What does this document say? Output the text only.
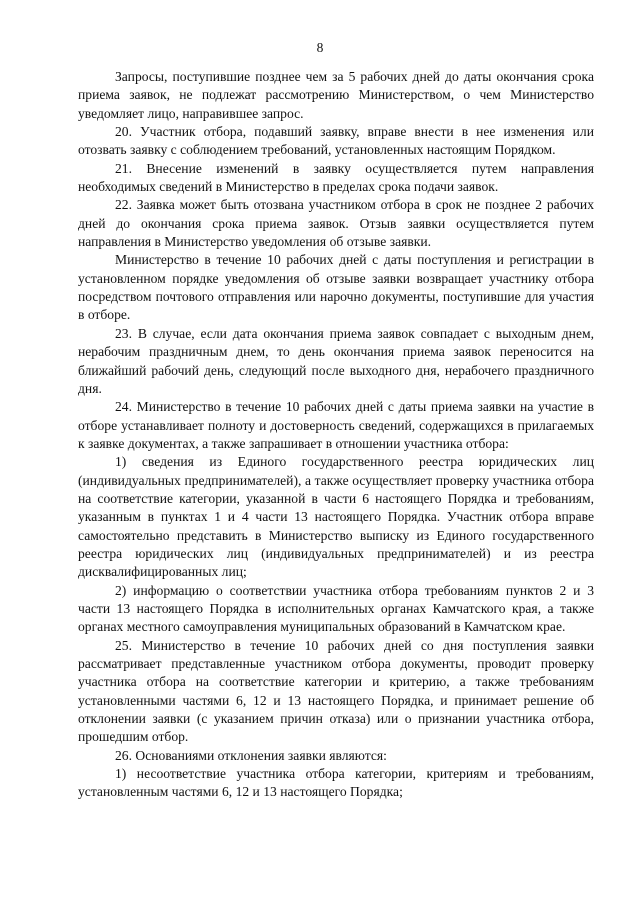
8

Запросы, поступившие позднее чем за 5 рабочих дней до даты окончания срока приема заявок, не подлежат рассмотрению Министерством, о чем Министерство уведомляет лицо, направившее запрос.

20. Участник отбора, подавший заявку, вправе внести в нее изменения или отозвать заявку с соблюдением требований, установленных настоящим Порядком.

21. Внесение изменений в заявку осуществляется путем направления необходимых сведений в Министерство в пределах срока подачи заявок.

22. Заявка может быть отозвана участником отбора в срок не позднее 2 рабочих дней до окончания срока приема заявок. Отзыв заявки осуществляется путем направления в Министерство уведомления об отзыве заявки.

Министерство в течение 10 рабочих дней с даты поступления и регистрации в установленном порядке уведомления об отзыве заявки возвращает участнику отбора посредством почтового отправления или нарочно документы, поступившие для участия в отборе.

23. В случае, если дата окончания приема заявок совпадает с выходным днем, нерабочим праздничным днем, то день окончания приема заявок переносится на ближайший рабочий день, следующий после выходного дня, нерабочего праздничного дня.

24. Министерство в течение 10 рабочих дней с даты приема заявки на участие в отборе устанавливает полноту и достоверность сведений, содержащихся в прилагаемых к заявке документах, а также запрашивает в отношении участника отбора:

1) сведения из Единого государственного реестра юридических лиц (индивидуальных предпринимателей), а также осуществляет проверку участника отбора на соответствие категории, указанной в части 6 настоящего Порядка и требованиям, указанным в пунктах 1 и 4 части 13 настоящего Порядка. Участник отбора вправе самостоятельно представить в Министерство выписку из Единого государственного реестра юридических лиц (индивидуальных предпринимателей) и из реестра дисквалифицированных лиц;

2) информацию о соответствии участника отбора требованиям пунктов 2 и 3 части 13 настоящего Порядка в исполнительных органах Камчатского края, а также органах местного самоуправления муниципальных образований в Камчатском крае.

25. Министерство в течение 10 рабочих дней со дня поступления заявки рассматривает представленные участником отбора документы, проводит проверку участника отбора на соответствие категории и критерию, а также требованиям установленными частями 6, 12 и 13 настоящего Порядка, и принимает решение об отклонении заявки (с указанием причин отказа) или о признании участника отбора, прошедшим отбор.

26. Основаниями отклонения заявки являются:

1) несоответствие участника отбора категории, критериям и требованиям, установленным частями 6, 12 и 13 настоящего Порядка;
